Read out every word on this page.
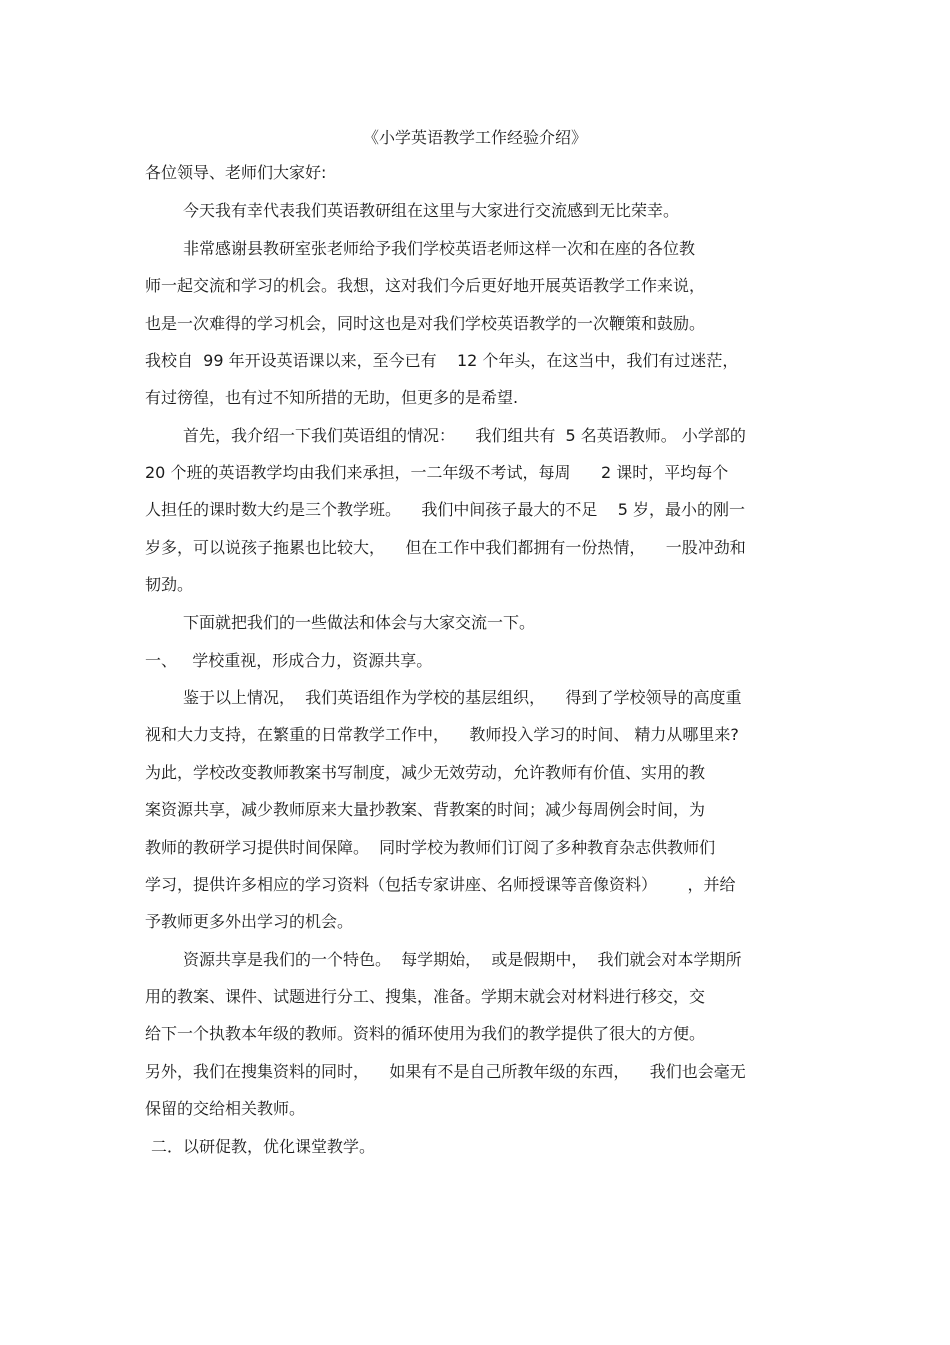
《小学英语教学工作经验介绍》
各位领导、老师们大家好:
今天我有幸代表我们英语教研组在这里与大家进行交流感到无比荣幸。
非常感谢县教研室张老师给予我们学校英语老师这样一次和在座的各位教
师一起交流和学习的机会。我想，这对我们今后更好地开展英语教学工作来说，
也是一次难得的学习机会，同时这也是对我们学校英语教学的一次鞭策和鼓励。
我校自  99 年开设英语课以来，至今已有    12 个年头，在这当中，我们有过迷茫，
有过徬徨，也有过不知所措的无助，但更多的是希望.
首先，我介绍一下我们英语组的情况：    我们组共有  5 名英语教师。 小学部的
20 个班的英语教学均由我们来承担，一二年级不考试，每周      2 课时，平均每个
人担任的课时数大约是三个教学班。    我们中间孩子最大的不足    5 岁，最小的刚一
岁多，可以说孩子拖累也比较大，    但在工作中我们都拥有一份热情，    一股冲劲和
韧劲。
下面就把我们的一些做法和体会与大家交流一下。
一、   学校重视，形成合力，资源共享。
鉴于以上情况，  我们英语组作为学校的基层组织，    得到了学校领导的高度重
视和大力支持，在繁重的日常教学工作中，    教师投入学习的时间、 精力从哪里来?
为此，学校改变教师教案书写制度，减少无效劳动，允许教师有价值、实用的教
案资源共享，减少教师原来大量抄教案、背教案的时间；减少每周例会时间，为
教师的教研学习提供时间保障。  同时学校为教师们订阅了多种教育杂志供教师们
学习，提供许多相应的学习资料（包括专家讲座、名师授课等音像资料）      ，并给
予教师更多外出学习的机会。
资源共享是我们的一个特色。  每学期始，  或是假期中，  我们就会对本学期所
用的教案、课件、试题进行分工、搜集，准备。学期末就会对材料进行移交，交
给下一个执教本年级的教师。资料的循环使用为我们的教学提供了很大的方便。
另外，我们在搜集资料的同时，    如果有不是自己所教年级的东西，    我们也会毫无
保留的交给相关教师。
二．以研促教，优化课堂教学。
